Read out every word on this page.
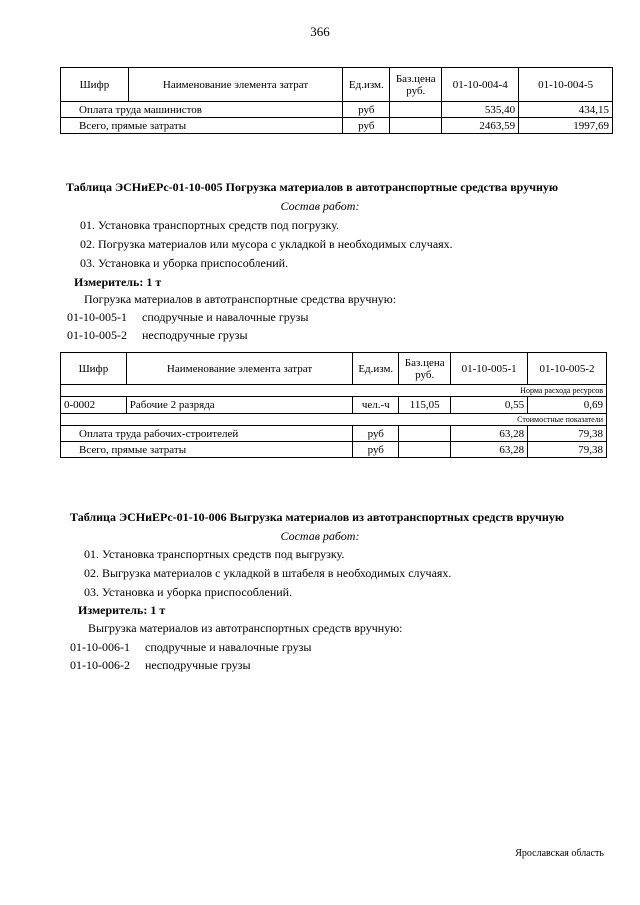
366
Шифр	Наименование элемента затрат	Ед.изм.	Баз.цена руб.	01-10-004-4	01-10-004-5
Оплата труда машинистов		руб		535,40	434,15
Всего, прямые затраты		руб		2463,59	1997,69
Таблица ЭСНиЕРс-01-10-005 Погрузка материалов в автотранспортные средства вручную
Состав работ:
01. Установка транспортных средств под погрузку.
02. Погрузка материалов или мусора с укладкой в необходимых случаях.
03. Установка и уборка приспособлений.
Измеритель: 1 т
Погрузка материалов в автотранспортные средства вручную:
01-10-005-1 сподручные и навалочные грузы
01-10-005-2 неcподручные грузы
Шифр	Наименование элемента затрат	Ед.изм.	Баз.цена руб.	01-10-005-1	01-10-005-2
Норма расхода ресурсов					
0-0002	Рабочие 2 разряда	чел.-ч	115,05	0,55	0,69
Стоимостные показатели					
Оплата труда рабочих-строителей		руб		63,28	79,38
Всего, прямые затраты		руб		63,28	79,38
Таблица ЭСНиЕРс-01-10-006 Выгрузка материалов из автотранспортных средств вручную
Состав работ:
01. Установка транспортных средств под выгрузку.
02. Выгрузка материалов с укладкой в штабеля в необходимых случаях.
03. Установка и уборка приспособлений.
Измеритель: 1 т
Выгрузка материалов из автотранспортных средств вручную:
01-10-006-1 сподручные и навалочные грузы
01-10-006-2 неcподручные грузы
Ярославская область
